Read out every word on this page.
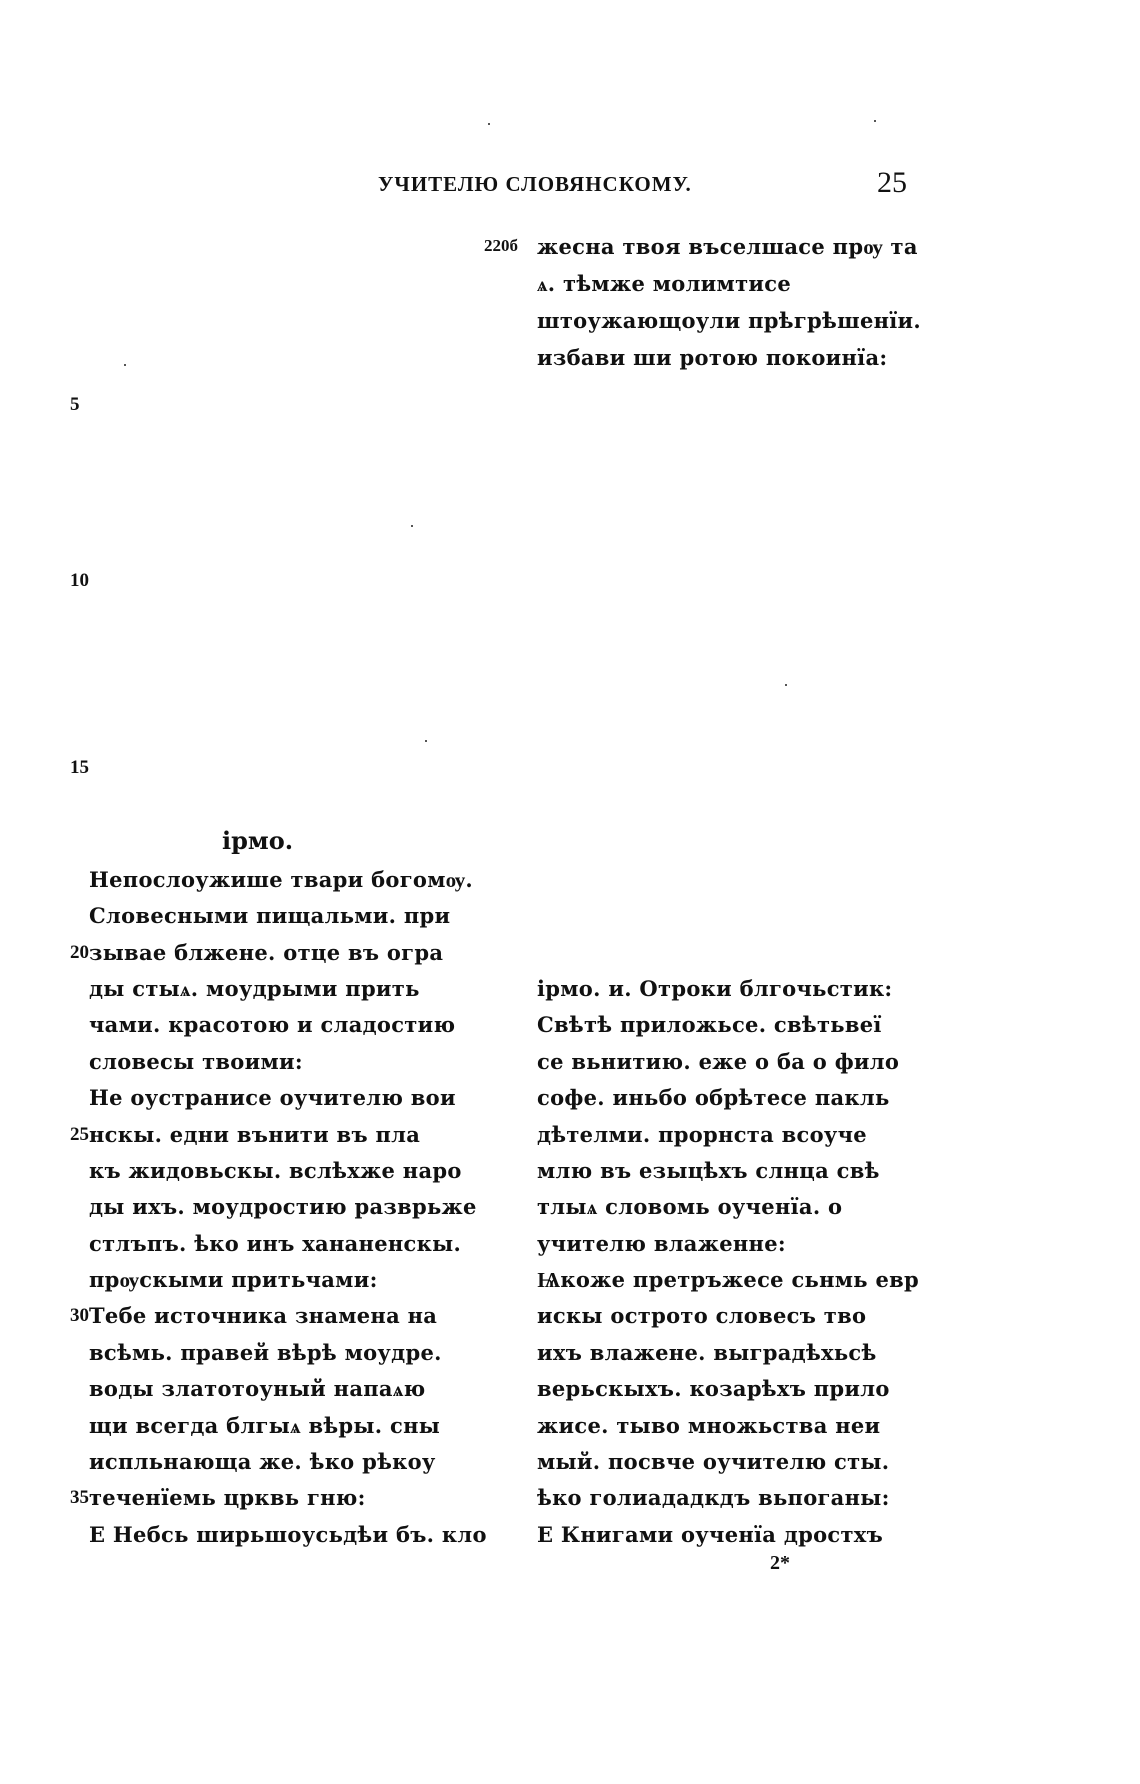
УЧИТЕЛЮ СЛОВЯНСКОМУ.	25
5
10
15
20
25
30
35
220б жесна твоя въселшасе прѹ та
ѧ. тѣмже молимтисе
штоужающоули прѣгрѣшенїи.
избави ши ротою покоинїа:
ірмо.
Непослоужише твари богомѹ.
Словесными пищальми. при
зывае блжене. отце въ огра
ды стыѧ. моудрыми прить
чами. красотою и сладостию
словесы твоими:
Не оустранисе оучителю вои
нскы. едни вънити въ пла
къ жидовьскы. вслѣхже наро
ды ихъ. моудростию разврьже
стлъпъ. ѣко инъ хананенскы.
прѹскыми притьчами:
Тебе источника знамена на
всѣмь. правей вѣрѣ моудре.
воды златотоуный напаѧю
щи всегда блгыѧ вѣры. сны
испльнающа же. ѣко рѣкоу
теченїемь црквь гню:
Е Небсь ширьшоусьдѣи бъ. кло
ірмо. и. Отроки блгочьстик:
Свѣтѣ приложьсе. свѣтьвеї
се вьнитию. еже о ба о фило
софе. иньбо обрѣтесе пакль
дѣтелми. прорнста всоуче
млю въ езыцѣхъ слнца свѣ
тлыѧ словомь оученїа. о
учителю влаженне:
Ѩкоже претръжесе сьнмь евр
искы острото словесъ тво
ихъ влажене. выградѣхьсѣ
верьскыхъ. козарѣхъ прило
жисе. тыво множьства неи
мый. посвче оучителю сты.
ѣко голиададкдъ вьпоганы:
Е Книгами оученїа дроcтхъ
2*
